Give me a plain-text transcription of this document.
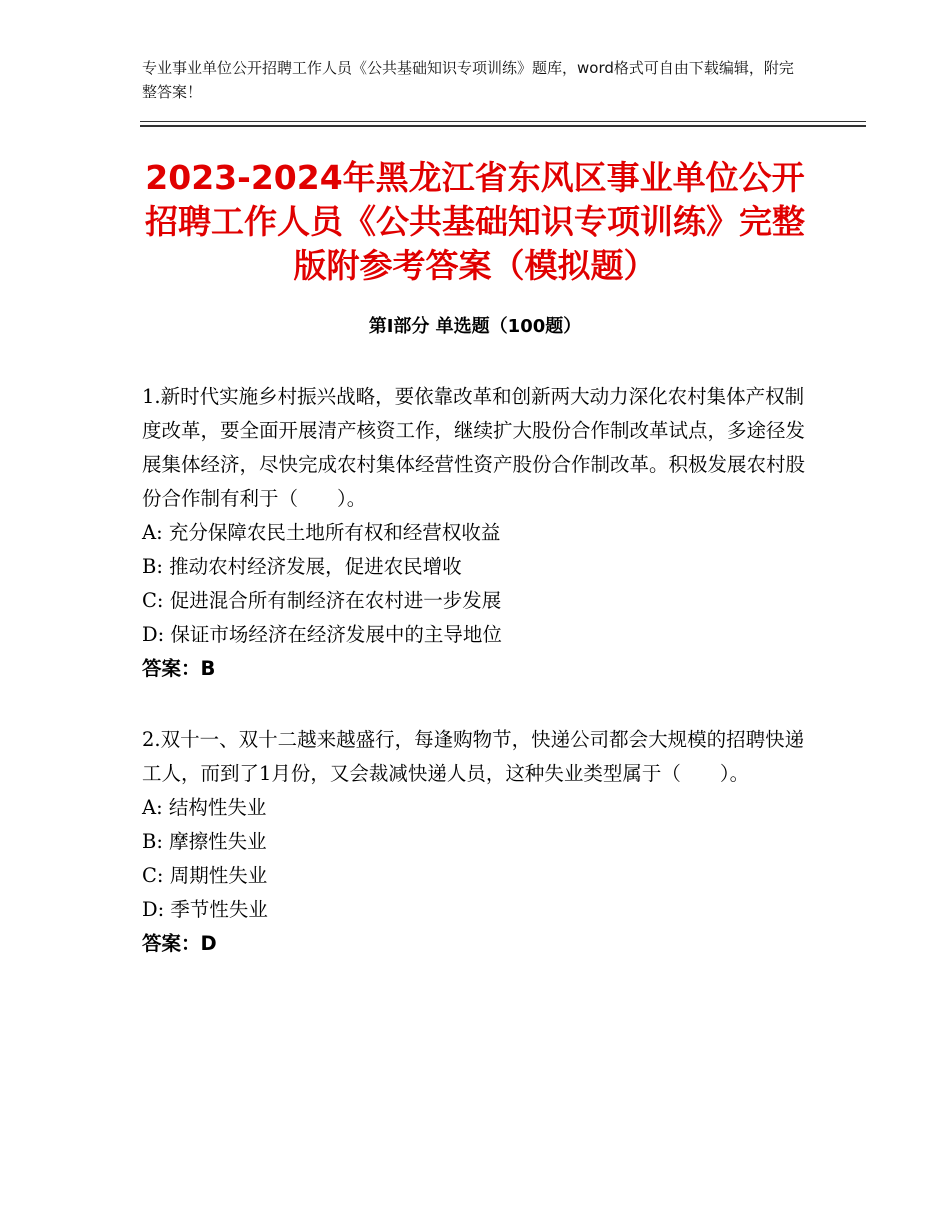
专业事业单位公开招聘工作人员《公共基础知识专项训练》题库，word格式可自由下载编辑，附完整答案！
2023-2024年黑龙江省东风区事业单位公开招聘工作人员《公共基础知识专项训练》完整版附参考答案（模拟题）
第Ⅰ部分 单选题（100题）

1.新时代实施乡村振兴战略，要依靠改革和创新两大动力深化农村集体产权制度改革，要全面开展清产核资工作，继续扩大股份合作制改革试点，多途径发展集体经济，尽快完成农村集体经营性资产股份合作制改革。积极发展农村股份合作制有利于（　　）。

A: 充分保障农民土地所有权和经营权收益

B: 推动农村经济发展，促进农民增收

C: 促进混合所有制经济在农村进一步发展

D: 保证市场经济在经济发展中的主导地位

答案：B

2.双十一、双十二越来越盛行，每逢购物节，快递公司都会大规模的招聘快递工人，而到了1月份，又会裁减快递人员，这种失业类型属于（　　）。

A: 结构性失业

B: 摩擦性失业

C: 周期性失业

D: 季节性失业

答案：D
